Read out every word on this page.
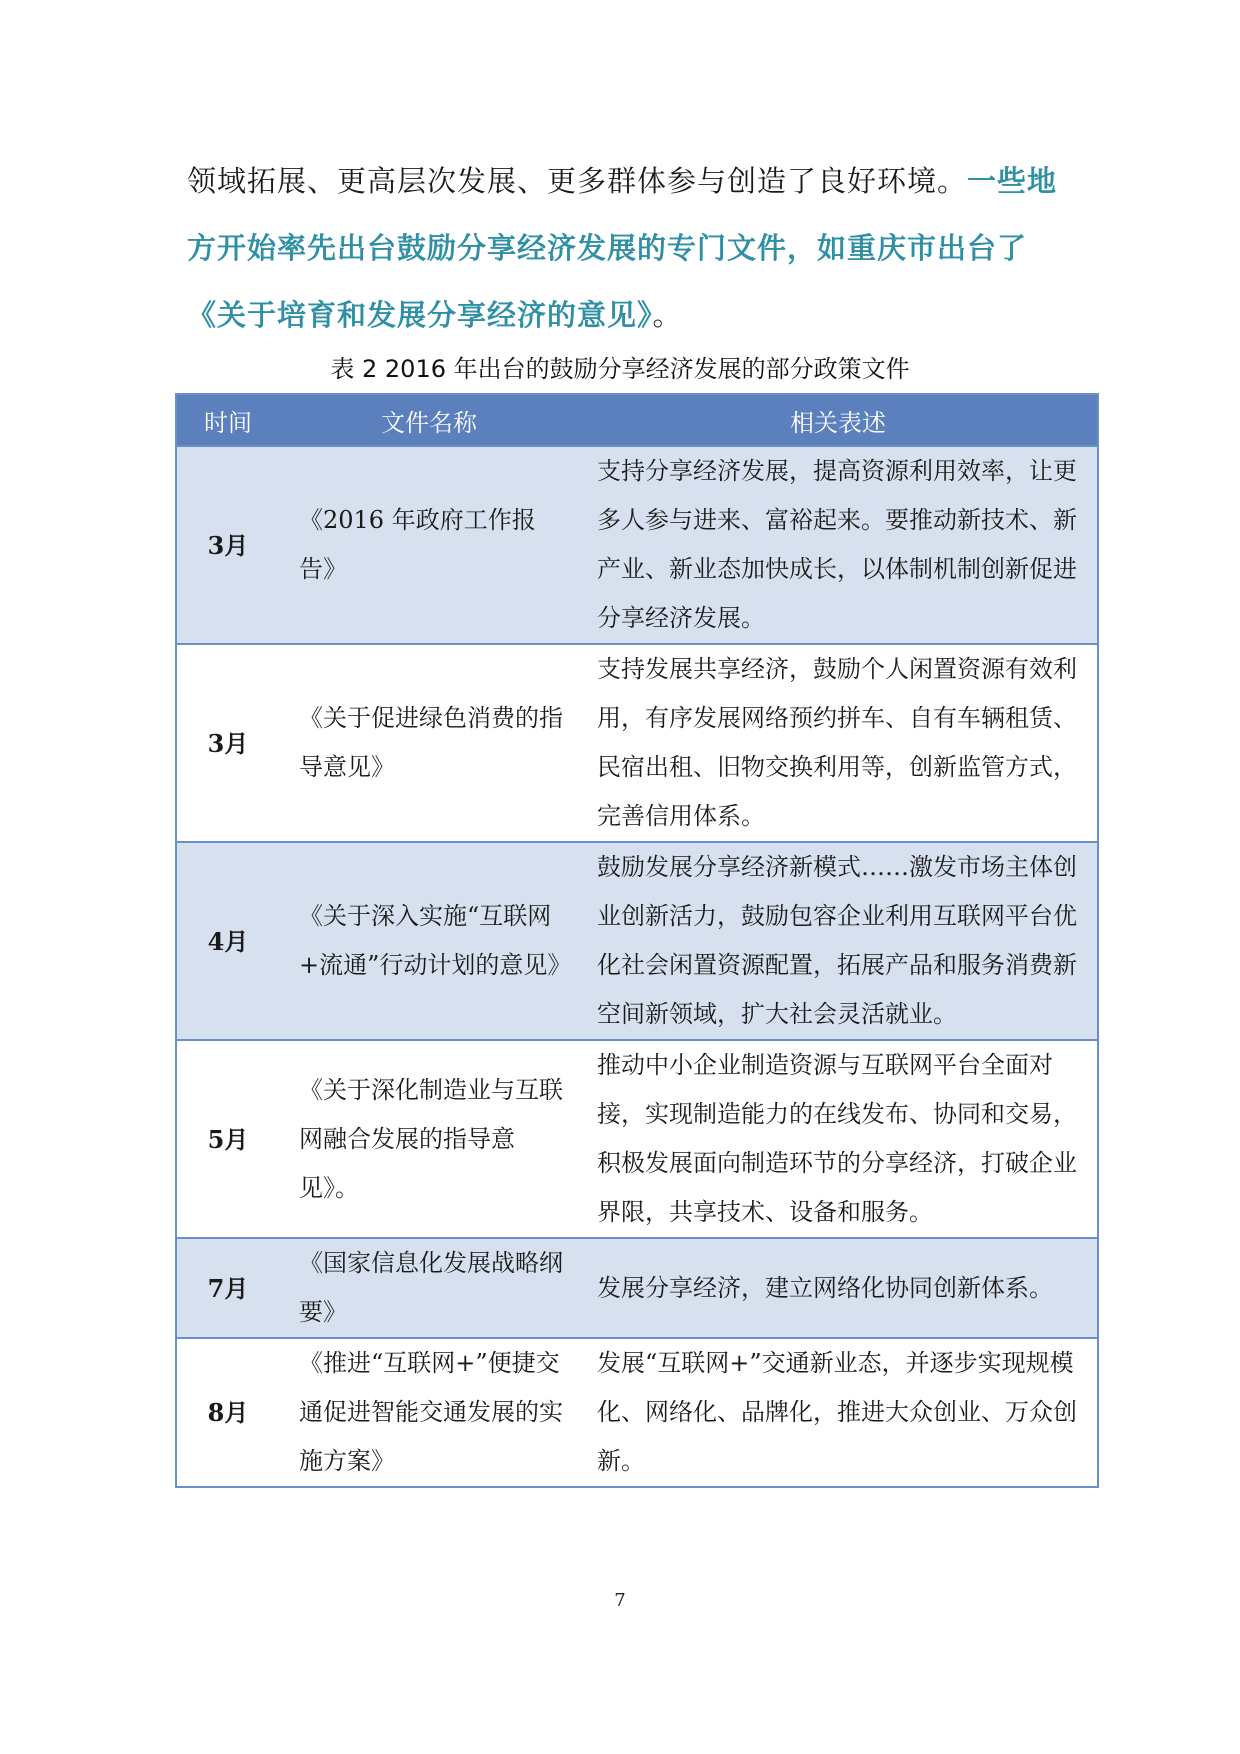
领域拓展、更高层次发展、更多群体参与创造了良好环境。一些地方开始率先出台鼓励分享经济发展的专门文件，如重庆市出台了《关于培育和发展分享经济的意见》。
表 2 2016 年出台的鼓励分享经济发展的部分政策文件
时间	文件名称	相关表述
3月	《2016 年政府工作报告》	支持分享经济发展，提高资源利用效率，让更多人参与进来、富裕起来。要推动新技术、新产业、新业态加快成长，以体制机制创新促进分享经济发展。
3月	《关于促进绿色消费的指导意见》	支持发展共享经济，鼓励个人闲置资源有效利用，有序发展网络预约拼车、自有车辆租赁、民宿出租、旧物交换利用等，创新监管方式，完善信用体系。
4月	《关于深入实施“互联网+流通”行动计划的意见》	鼓励发展分享经济新模式……激发市场主体创业创新活力，鼓励包容企业利用互联网平台优化社会闲置资源配置，拓展产品和服务消费新空间新领域，扩大社会灵活就业。
5月	《关于深化制造业与互联网融合发展的指导意见》。	推动中小企业制造资源与互联网平台全面对接，实现制造能力的在线发布、协同和交易，积极发展面向制造环节的分享经济，打破企业界限，共享技术、设备和服务。
7月	《国家信息化发展战略纲要》	发展分享经济，建立网络化协同创新体系。
8月	《推进“互联网+”便捷交通促进智能交通发展的实施方案》	发展“互联网+”交通新业态，并逐步实现规模化、网络化、品牌化，推进大众创业、万众创新。
7
